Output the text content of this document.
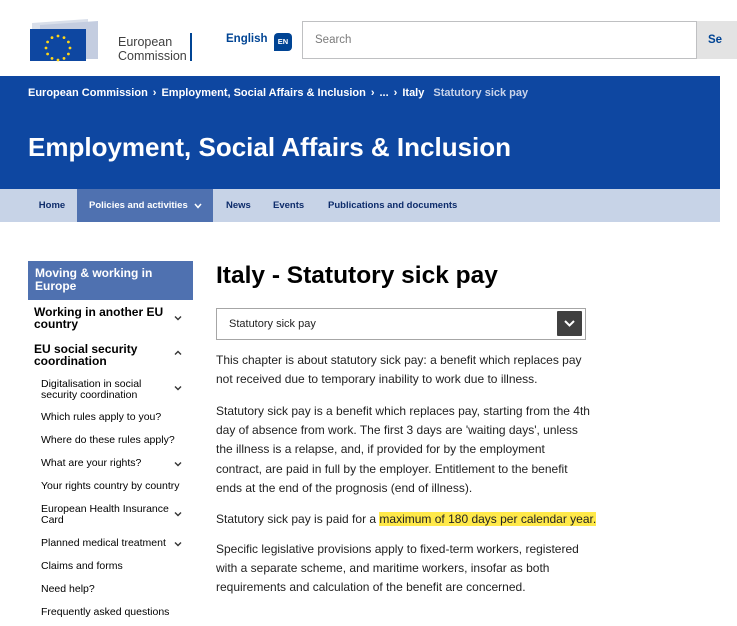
European
Commission
English	EN
Search	Se
European Commission › Employment, Social Affairs & Inclusion › ... › Italy Statutory sick pay
Employment, Social Affairs & Inclusion
Home	Policies and activities	News Events	Publications and documents
Moving & working in Europe
Working in another EU country
EU social security coordination
Digitalisation in social security coordination
Which rules apply to you?
Where do these rules apply?
What are your rights?
Your rights country by country
European Health Insurance Card
Planned medical treatment
Claims and forms
Need help?
Frequently asked questions
Italy - Statutory sick pay
Statutory sick pay
This chapter is about statutory sick pay: a benefit which replaces pay not received due to temporary inability to work due to illness.
Statutory sick pay is a benefit which replaces pay, starting from the 4th day of absence from work. The first 3 days are 'waiting days', unless the illness is a relapse, and, if provided for by the employment contract, are paid in full by the employer. Entitlement to the benefit ends at the end of the prognosis (end of illness).
Statutory sick pay is paid for a maximum of 180 days per calendar year.
Specific legislative provisions apply to fixed-term workers, registered with a separate scheme, and maritime workers, insofar as both requirements and calculation of the benefit are concerned.
